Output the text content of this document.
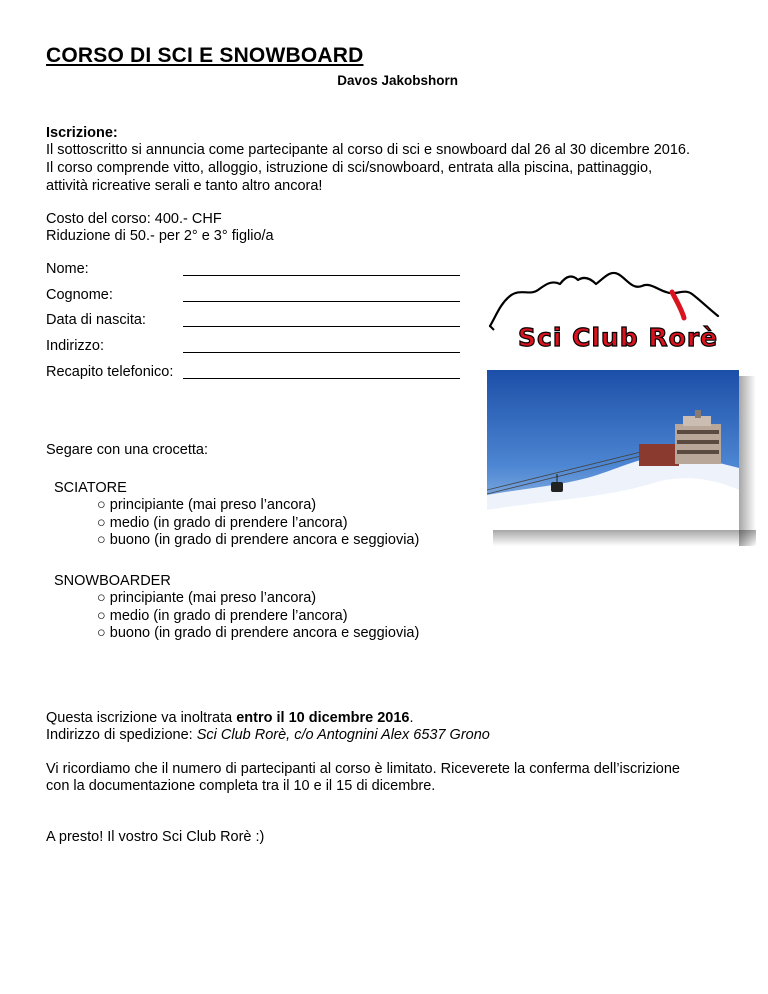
CORSO DI SCI E SNOWBOARD
Davos Jakobshorn
Iscrizione:
Il sottoscritto si annuncia come partecipante al corso di sci e snowboard dal 26 al 30 dicembre 2016.
Il corso comprende vitto, alloggio, istruzione di sci/snowboard, entrata alla piscina, pattinaggio,
attività ricreative serali e tanto altro ancora!
Costo del corso: 400.- CHF
Riduzione di 50.- per 2° e 3° figlio/a
Nome:
Cognome:
Data di nascita:
Indirizzo:
Recapito telefonico:
Sci Club Rorè
Segare con una crocetta:
SCIATORE
○ principiante (mai preso l’ancora)
○ medio (in grado di prendere l’ancora)
○ buono (in grado di prendere ancora e seggiovia)
SNOWBOARDER
○ principiante (mai preso l’ancora)
○ medio (in grado di prendere l’ancora)
○ buono (in grado di prendere ancora e seggiovia)
Questa iscrizione va inoltrata entro il 10 dicembre 2016.
Indirizzo di spedizione: Sci Club Rorè, c/o Antognini Alex 6537 Grono
Vi ricordiamo che il numero di partecipanti al corso è limitato. Riceverete la conferma dell’iscrizione
con la documentazione completa tra il 10 e il 15 di dicembre.
A presto! Il vostro Sci Club Rorè :)
